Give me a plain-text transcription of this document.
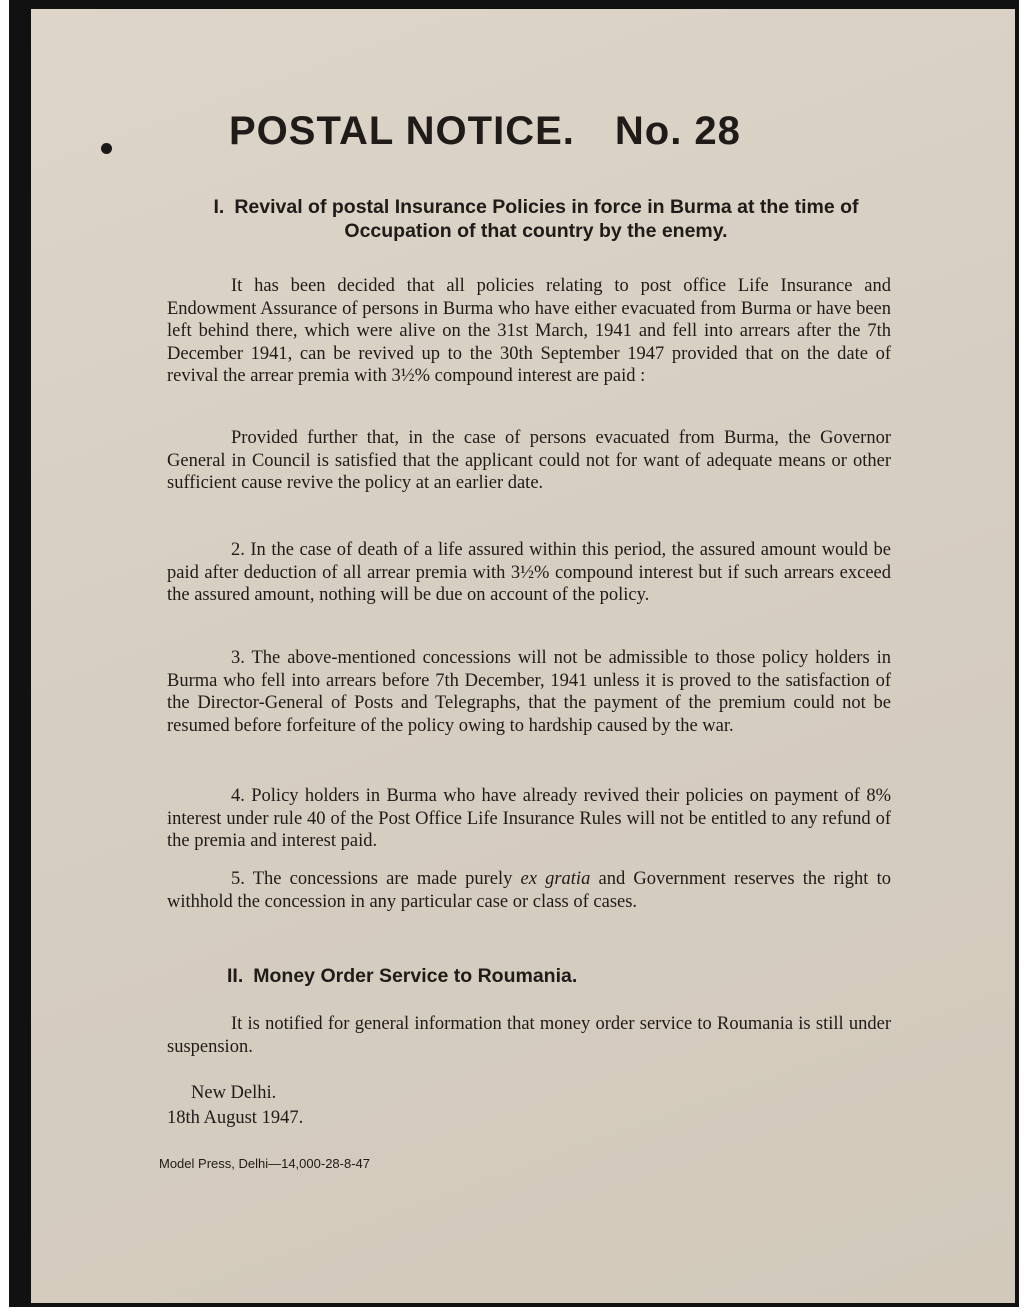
POSTAL NOTICE. No. 28
I. Revival of postal Insurance Policies in force in Burma at the time of Occupation of that country by the enemy.

It has been decided that all policies relating to post office Life Insurance and Endowment Assurance of persons in Burma who have either evacuated from Burma or have been left behind there, which were alive on the 31st March, 1941 and fell into arrears after the 7th December 1941, can be revived up to the 30th September 1947 provided that on the date of revival the arrear premia with 3½% compound interest are paid :

Provided further that, in the case of persons evacuated from Burma, the Governor General in Council is satisfied that the applicant could not for want of adequate means or other sufficient cause revive the policy at an earlier date.

2. In the case of death of a life assured within this period, the assured amount would be paid after deduction of all arrear premia with 3½% compound interest but if such arrears exceed the assured amount, nothing will be due on account of the policy.

3. The above-mentioned concessions will not be admissible to those policy holders in Burma who fell into arrears before 7th December, 1941 unless it is proved to the satisfaction of the Director-General of Posts and Telegraphs, that the payment of the premium could not be resumed before forfeiture of the policy owing to hardship caused by the war.

4. Policy holders in Burma who have already revived their policies on payment of 8% interest under rule 40 of the Post Office Life Insurance Rules will not be entitled to any refund of the premia and interest paid.

5. The concessions are made purely ex gratia and Government reserves the right to withhold the concession in any particular case or class of cases.

II. Money Order Service to Roumania.

It is notified for general information that money order service to Roumania is still under suspension.

New Delhi.

18th August 1947.

Model Press, Delhi—14,000-28-8-47
